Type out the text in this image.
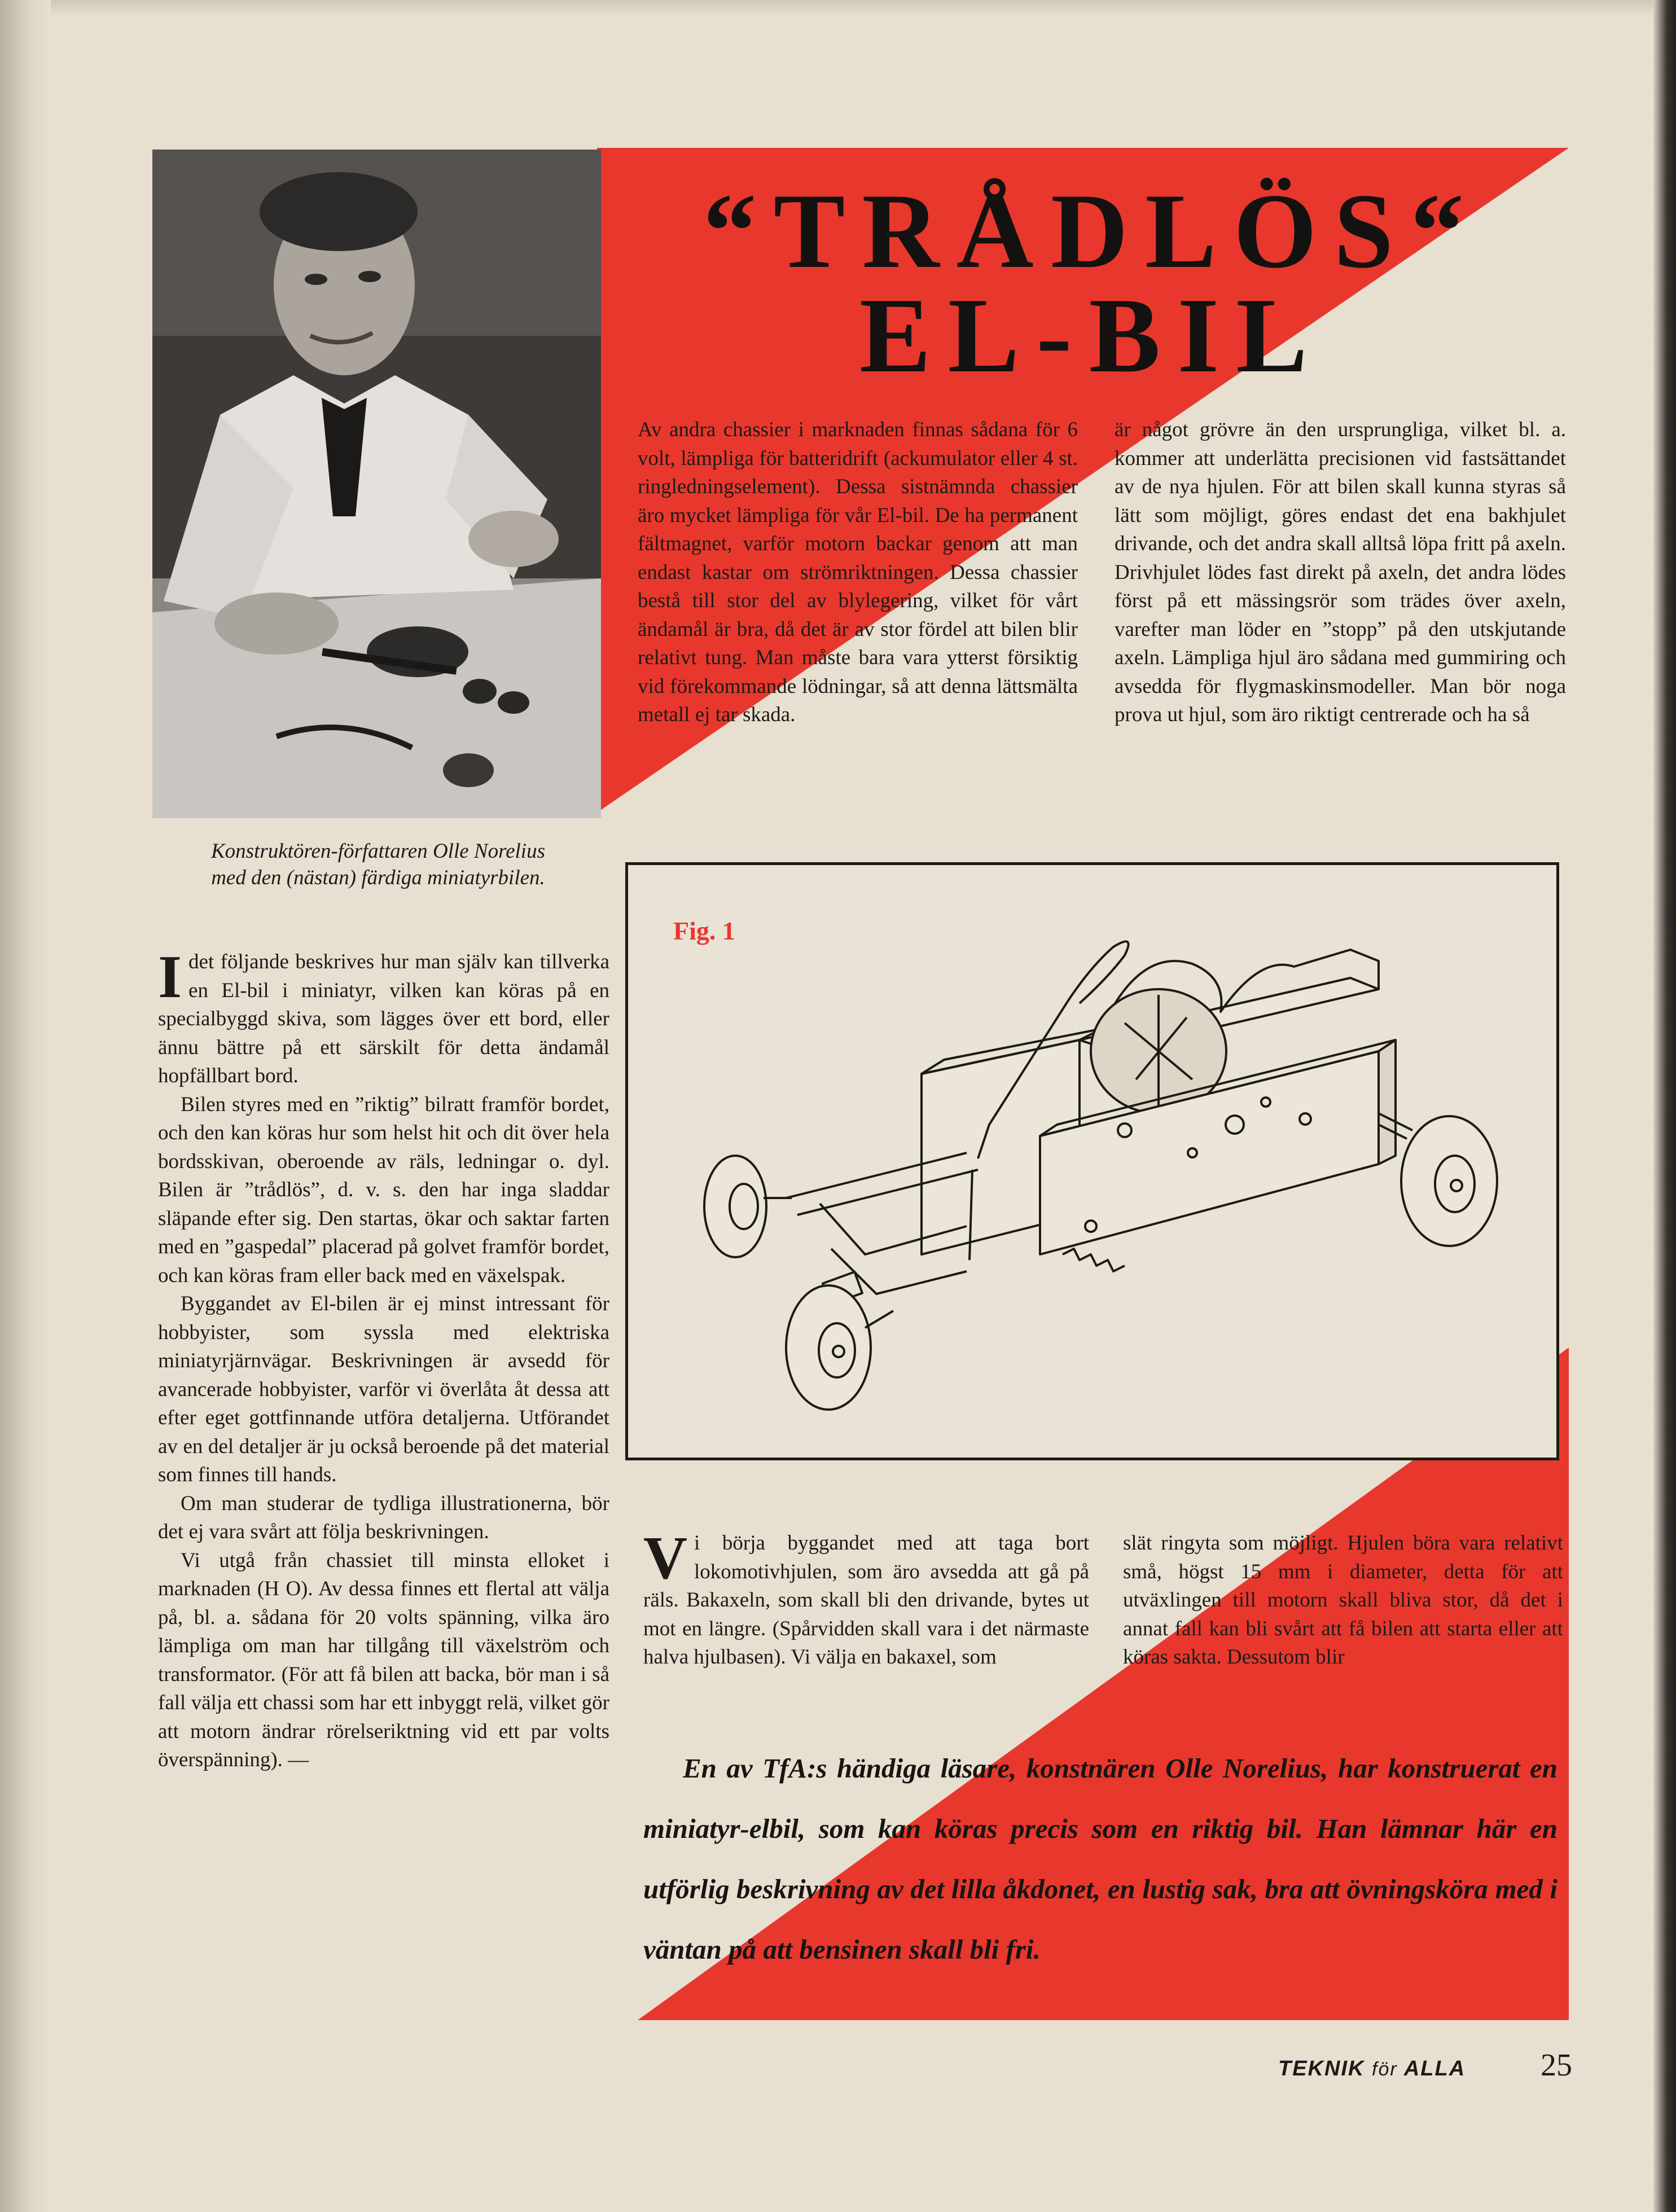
Konstruktören-författaren Olle Norelius
med den (nästan) färdiga miniatyrbilen.
“TRÅDLÖS“
EL-BIL

Av andra chassier i marknaden finnas sådana för 6 volt, lämpliga för batteridrift (ackumulator eller 4 st. ringledningselement). Dessa sistnämnda chassier äro mycket lämpliga för vår El-bil. De ha permanent fältmagnet, varför motorn backar genom att man endast kastar om strömriktningen. Dessa chassier bestå till stor del av blylegering, vilket för vårt ändamål är bra, då det är av stor fördel att bilen blir relativt tung. Man måste bara vara ytterst försiktig vid förekommande lödningar, så att denna lättsmälta metall ej tar skada.

är något grövre än den ursprungliga, vilket bl. a. kommer att underlätta precisionen vid fastsättandet av de nya hjulen. För att bilen skall kunna styras så lätt som möjligt, göres endast det ena bakhjulet drivande, och det andra skall alltså löpa fritt på axeln. Drivhjulet lödes fast direkt på axeln, det andra lödes först på ett mässingsrör som trädes över axeln, varefter man löder en ”stopp” på den utskjutande axeln. Lämpliga hjul äro sådana med gummiring och avsedda för flygmaskinsmodeller. Man bör noga prova ut hjul, som äro riktigt centrerade och ha så

Idet följande beskrives hur man själv kan tillverka en El-bil i miniatyr, vilken kan köras på en specialbyggd skiva, som lägges över ett bord, eller ännu bättre på ett särskilt för detta ändamål hopfällbart bord.

Bilen styres med en ”riktig” bilratt framför bordet, och den kan köras hur som helst hit och dit över hela bordsskivan, oberoende av räls, ledningar o. dyl. Bilen är ”trådlös”, d. v. s. den har inga sladdar släpande efter sig. Den startas, ökar och saktar farten med en ”gaspedal” placerad på golvet framför bordet, och kan köras fram eller back med en växelspak.

Byggandet av El-bilen är ej minst intressant för hobbyister, som syssla med elektriska miniatyrjärnvägar. Beskrivningen är avsedd för avancerade hobbyister, varför vi överlåta åt dessa att efter eget gottfinnande utföra detaljerna. Utförandet av en del detaljer är ju också beroende på det material som finnes till hands.

Om man studerar de tydliga illustrationerna, bör det ej vara svårt att följa beskrivningen.

Vi utgå från chassiet till minsta elloket i marknaden (H O). Av dessa finnes ett flertal att välja på, bl. a. sådana för 20 volts spänning, vilka äro lämpliga om man har tillgång till växelström och transformator. (För att få bilen att backa, bör man i så fall välja ett chassi som har ett inbyggt relä, vilket gör att motorn ändrar rörelseriktning vid ett par volts överspänning). —

Fig. 1

Vi börja byggandet med att taga bort lokomotivhjulen, som äro avsedda att gå på räls. Bakaxeln, som skall bli den drivande, bytes ut mot en längre. (Spårvidden skall vara i det närmaste halva hjulbasen). Vi välja en bakaxel, som

slät ringyta som möjligt. Hjulen böra vara relativt små, högst 15 mm i diameter, detta för att utväxlingen till motorn skall bliva stor, då det i annat fall kan bli svårt att få bilen att starta eller att köras sakta. Dessutom blir

En av TfA:s händiga läsare, konstnären Olle Norelius, har konstruerat en miniatyr-elbil, som kan köras precis som en riktig bil. Han lämnar här en utförlig beskrivning av det lilla åkdonet, en lustig sak, bra att övningsköra med i väntan på att bensinen skall bli fri.
TEKNIK för ALLA 25
